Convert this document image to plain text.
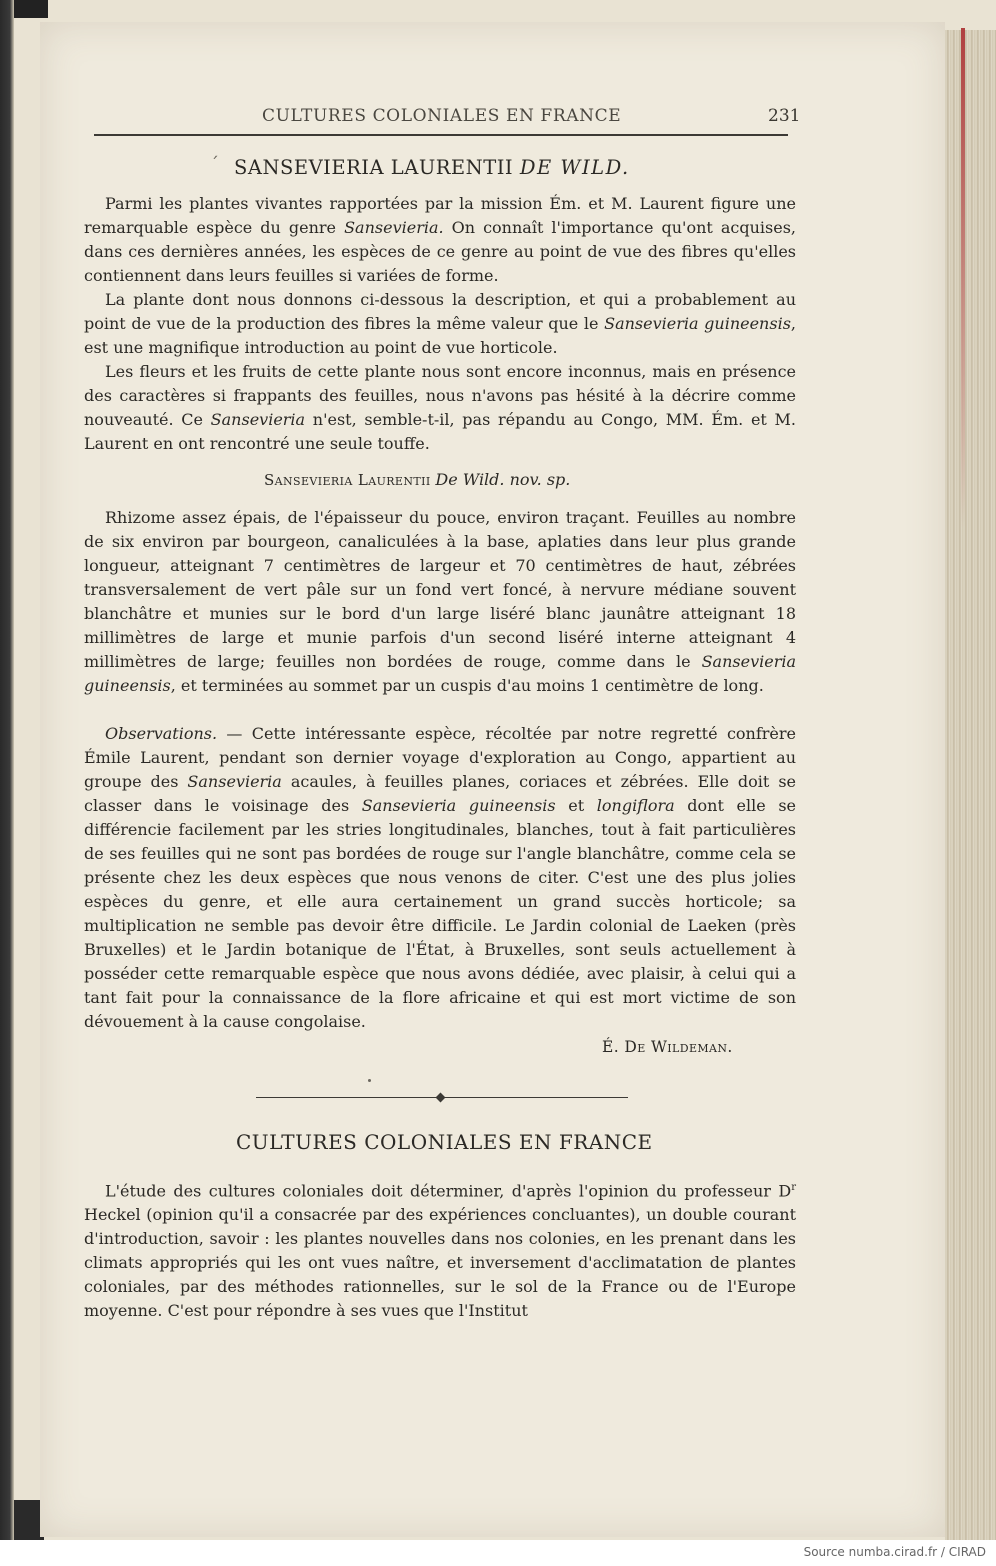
CULTURES COLONIALES EN FRANCE	231
´ SANSEVIERIA LAURENTII DE WILD.

Parmi les plantes vivantes rapportées par la mission Ém. et M. Laurent figure une remarquable espèce du genre Sansevieria. On connaît l'importance qu'ont acquises, dans ces dernières années, les espèces de ce genre au point de vue des fibres qu'elles contiennent dans leurs feuilles si variées de forme.

La plante dont nous donnons ci-dessous la description, et qui a probablement au point de vue de la production des fibres la même valeur que le Sansevieria guineensis, est une magnifique introduction au point de vue horticole.

Les fleurs et les fruits de cette plante nous sont encore inconnus, mais en présence des caractères si frappants des feuilles, nous n'avons pas hésité à la décrire comme nouveauté. Ce Sansevieria n'est, semble-t-il, pas répandu au Congo, MM. Ém. et M. Laurent en ont rencontré une seule touffe.

Sansevieria Laurentii De Wild. nov. sp.

Rhizome assez épais, de l'épaisseur du pouce, environ traçant. Feuilles au nombre de six environ par bourgeon, canaliculées à la base, aplaties dans leur plus grande longueur, atteignant 7 centimètres de largeur et 70 centimètres de haut, zébrées transversalement de vert pâle sur un fond vert foncé, à nervure médiane souvent blanchâtre et munies sur le bord d'un large liséré blanc jaunâtre atteignant 18 millimètres de large et munie parfois d'un second liséré interne atteignant 4 millimètres de large; feuilles non bordées de rouge, comme dans le Sansevieria guineensis, et terminées au sommet par un cuspis d'au moins 1 centimètre de long.

Observations. — Cette intéressante espèce, récoltée par notre regretté confrère Émile Laurent, pendant son dernier voyage d'exploration au Congo, appartient au groupe des Sansevieria acaules, à feuilles planes, coriaces et zébrées. Elle doit se classer dans le voisinage des Sansevieria guineensis et longiflora dont elle se différencie facilement par les stries longitudinales, blanches, tout à fait particulières de ses feuilles qui ne sont pas bordées de rouge sur l'angle blanchâtre, comme cela se présente chez les deux espèces que nous venons de citer. C'est une des plus jolies espèces du genre, et elle aura certainement un grand succès horticole; sa multiplication ne semble pas devoir être difficile. Le Jardin colonial de Laeken (près Bruxelles) et le Jardin botanique de l'État, à Bruxelles, sont seuls actuellement à posséder cette remarquable espèce que nous avons dédiée, avec plaisir, à celui qui a tant fait pour la connaissance de la flore africaine et qui est mort victime de son dévouement à la cause congolaise.

É. De Wildeman.
CULTURES COLONIALES EN FRANCE

L'étude des cultures coloniales doit déterminer, d'après l'opinion du professeur $D^r$ Heckel (opinion qu'il a consacrée par des expériences concluantes), un double courant d'introduction, savoir : les plantes nouvelles dans nos colonies, en les prenant dans les climats appropriés qui les ont vues naître, et inversement d'acclimatation de plantes coloniales, par des méthodes rationnelles, sur le sol de la France ou de l'Europe moyenne. C'est pour répondre à ses vues que l'Institut

Source numba.cirad.fr / CIRAD
